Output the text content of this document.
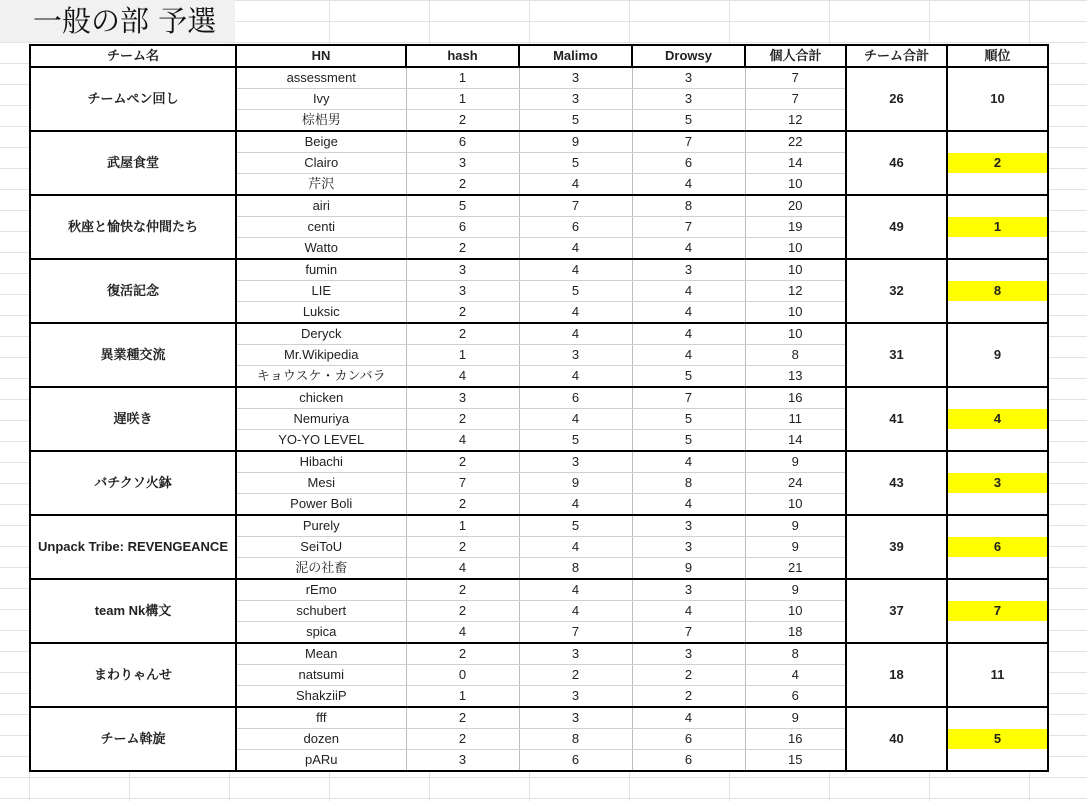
一般の部 予選
チーム名	HN	hash	Malimo	Drowsy	個人合計	チーム合計	順位
チームペン回し	assessment	1	3	3	7	26	10

	Ivy	1	3	3	7		
	棕梠男	2	5	5	12		
武屋食堂	Beige	6	9	7	22	46	2

	Clairo	3	5	6	14		
	芹沢	2	4	4	10		
秋座と愉快な仲間たち	airi	5	7	8	20	49	1

	centi	6	6	7	19		
	Watto	2	4	4	10		
復活記念	fumin	3	4	3	10	32	8

	LIE	3	5	4	12		
	Luksic	2	4	4	10		
異業種交流	Deryck	2	4	4	10	31	9

	Mr.Wikipedia	1	3	4	8		
	キョウスケ・カンバラ	4	4	5	13		
遅咲き	chicken	3	6	7	16	41	4

	Nemuriya	2	4	5	11		
	YO-YO LEVEL	4	5	5	14		
バチクソ火鉢	Hibachi	2	3	4	9	43	3

	Mesi	7	9	8	24		
	Power Boli	2	4	4	10		
Unpack Tribe: REVENGEANCE	Purely	1	5	3	9	39	6

	SeiToU	2	4	3	9		
	泥の社畜	4	8	9	21		
team Nk構文	rEmo	2	4	3	9	37	7

	schubert	2	4	4	10		
	spica	4	7	7	18		
まわりゃんせ	Mean	2	3	3	8	18	11

	natsumi	0	2	2	4		
	ShakziiP	1	3	2	6		
チーム斡旋	fff	2	3	4	9	40	5

	dozen	2	8	6	16		
	pARu	3	6	6	15		
